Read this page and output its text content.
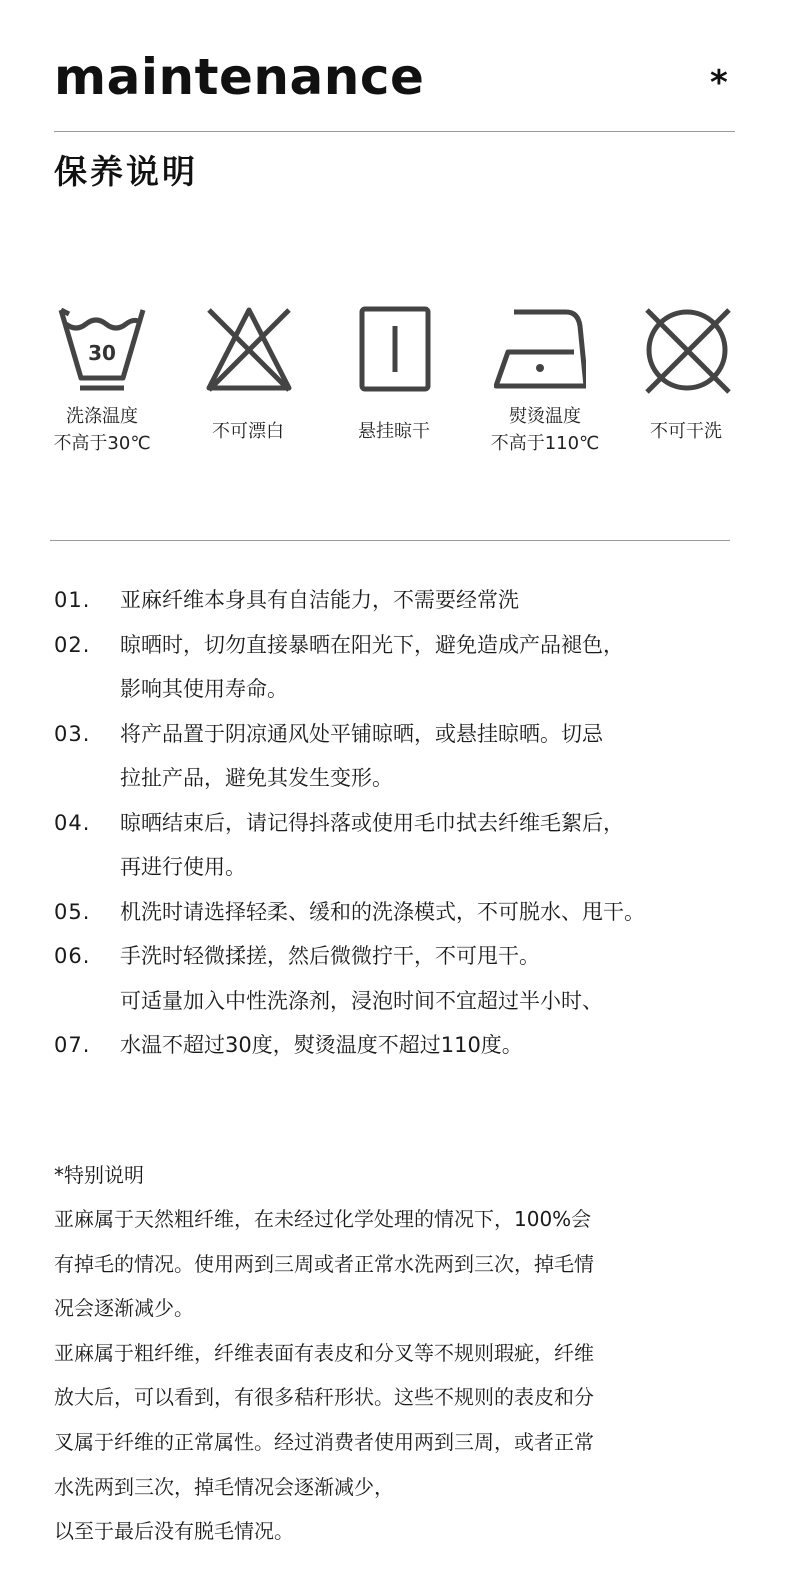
maintenance	*
保养说明
30
洗涤温度
不高于30℃
不可漂白	悬挂晾干
熨烫温度
不高于110℃
不可干洗
01.	亚麻纤维本身具有自洁能力，不需要经常洗
02.	晾晒时，切勿直接暴晒在阳光下，避免造成产品褪色，
影响其使用寿命。
03.	将产品置于阴凉通风处平铺晾晒，或悬挂晾晒。切忌
拉扯产品，避免其发生变形。
04.	晾晒结束后，请记得抖落或使用毛巾拭去纤维毛絮后，
再进行使用。
05.	机洗时请选择轻柔、缓和的洗涤模式，不可脱水、甩干。
06.	手洗时轻微揉搓，然后微微拧干，不可甩干。
可适量加入中性洗涤剂，浸泡时间不宜超过半小时、
07.	水温不超过30度，熨烫温度不超过110度。
*特别说明
亚麻属于天然粗纤维，在未经过化学处理的情况下，100%会
有掉毛的情况。使用两到三周或者正常水洗两到三次，掉毛情
况会逐渐减少。
亚麻属于粗纤维，纤维表面有表皮和分叉等不规则瑕疵，纤维
放大后，可以看到，有很多秸秆形状。这些不规则的表皮和分
叉属于纤维的正常属性。经过消费者使用两到三周，或者正常
水洗两到三次，掉毛情况会逐渐减少，
以至于最后没有脱毛情况。
